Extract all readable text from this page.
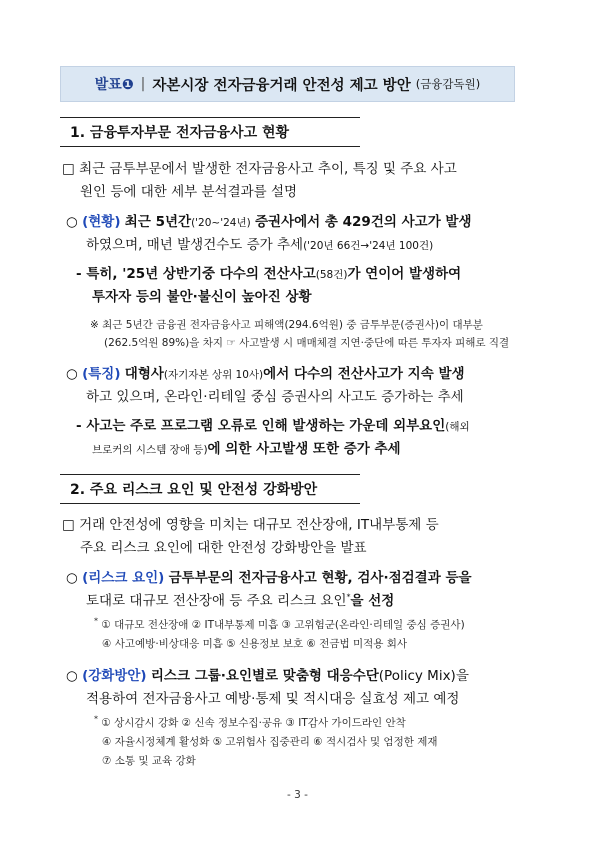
발표❶ | 자본시장 전자금융거래 안전성 제고 방안 (금융감독원)
1. 금융투자부문 전자금융사고 현황
□ 최근 금투부문에서 발생한 전자금융사고 추이, 특징 및 주요 사고
원인 등에 대한 세부 분석결과를 설명
○ (현황) 최근 5년간('20~'24년) 증권사에서 총 429건의 사고가 발생
하였으며, 매년 발생건수도 증가 추세('20년 66건→'24년 100건)
- 특히, '25년 상반기중 다수의 전산사고(58건)가 연이어 발생하여
투자자 등의 불안·불신이 높아진 상황
※ 최근 5년간 금융권 전자금융사고 피해액(294.6억원) 중 금투부문(증권사)이 대부분
(262.5억원 89%)을 차지 ☞ 사고발생 시 매매체결 지연·중단에 따른 투자자 피해로 직결
○ (특징) 대형사(자기자본 상위 10사)에서 다수의 전산사고가 지속 발생
하고 있으며, 온라인·리테일 중심 증권사의 사고도 증가하는 추세
- 사고는 주로 프로그램 오류로 인해 발생하는 가운데 외부요인(해외
브로커의 시스템 장애 등)에 의한 사고발생 또한 증가 추세
2. 주요 리스크 요인 및 안전성 강화방안
□ 거래 안전성에 영향을 미치는 대규모 전산장애, IT내부통제 등
주요 리스크 요인에 대한 안전성 강화방안을 발표
○ (리스크 요인) 금투부문의 전자금융사고 현황, 검사·점검결과 등을
토대로 대규모 전산장애 등 주요 리스크 요인*을 선정
* ① 대규모 전산장애 ② IT내부통제 미흡 ③ 고위험군(온라인·리테일 중심 증권사)
④ 사고예방·비상대응 미흡 ⑤ 신용정보 보호 ⑥ 전금법 미적용 회사
○ (강화방안) 리스크 그룹·요인별로 맞춤형 대응수단(Policy Mix)을
적용하여 전자금융사고 예방·통제 및 적시대응 실효성 제고 예정
* ① 상시감시 강화 ② 신속 정보수집·공유 ③ IT감사 가이드라인 안착
④ 자율시정체계 활성화 ⑤ 고위험사 집중관리 ⑥ 적시검사 및 엄정한 제재
⑦ 소통 및 교육 강화
- 3 -
